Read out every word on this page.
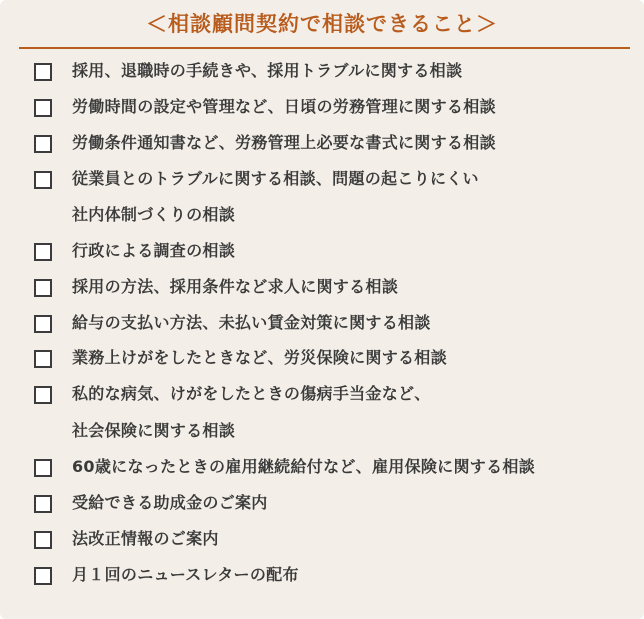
＜相談顧問契約で相談できること＞
採用、退職時の手続きや、採用トラブルに関する相談
労働時間の設定や管理など、日頃の労務管理に関する相談
労働条件通知書など、労務管理上必要な書式に関する相談
従業員とのトラブルに関する相談、問題の起こりにくい
社内体制づくりの相談
行政による調査の相談
採用の方法、採用条件など求人に関する相談
給与の支払い方法、未払い賃金対策に関する相談
業務上けがをしたときなど、労災保険に関する相談
私的な病気、けがをしたときの傷病手当金など、
社会保険に関する相談
60歳になったときの雇用継続給付など、雇用保険に関する相談
受給できる助成金のご案内
法改正情報のご案内
月１回のニュースレターの配布
